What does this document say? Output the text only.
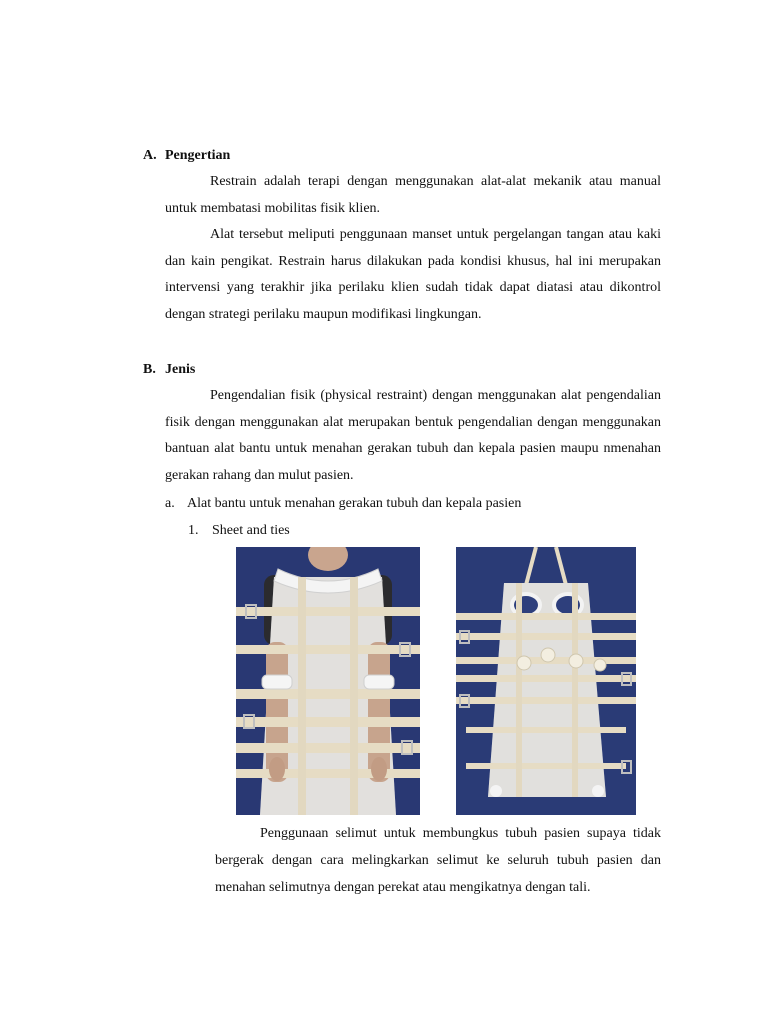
A. Pengertian

Restrain adalah terapi dengan menggunakan alat-alat mekanik atau manual untuk membatasi mobilitas fisik klien.

Alat tersebut meliputi penggunaan manset untuk pergelangan tangan atau kaki dan kain pengikat. Restrain harus dilakukan pada kondisi khusus, hal ini merupakan intervensi yang terakhir jika perilaku klien sudah tidak dapat diatasi atau dikontrol dengan strategi perilaku maupun modifikasi lingkungan.

B. Jenis

Pengendalian fisik (physical restraint) dengan menggunakan alat pengendalian fisik dengan menggunakan alat merupakan bentuk pengendalian dengan menggunakan bantuan alat bantu untuk menahan gerakan tubuh dan kepala pasien maupu nmenahan gerakan rahang dan mulut pasien.

a. Alat bantu untuk menahan gerakan tubuh dan kepala pasien
1. Sheet and ties

Penggunaan selimut untuk membungkus tubuh pasien supaya tidak bergerak dengan cara melingkarkan selimut ke seluruh tubuh pasien dan menahan selimutnya dengan perekat atau mengikatnya dengan tali.
